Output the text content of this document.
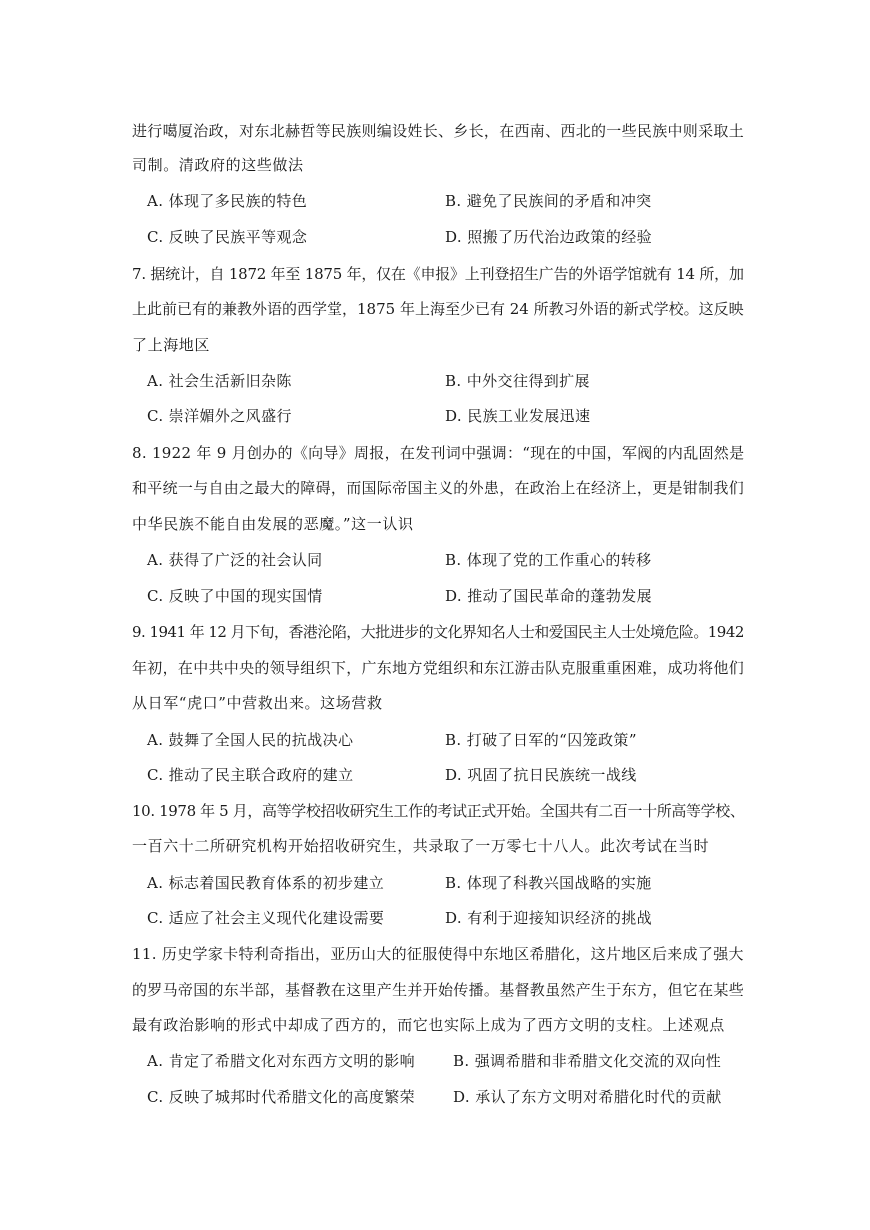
进行噶厦治政，对东北赫哲等民族则编设姓长、乡长，在西南、西北的一些民族中则采取土
司制。清政府的这些做法
A. 体现了多民族的特色	B. 避免了民族间的矛盾和冲突
C. 反映了民族平等观念	D. 照搬了历代治边政策的经验
7. 据统计，自 1872 年至 1875 年，仅在《申报》上刊登招生广告的外语学馆就有 14 所，加
上此前已有的兼教外语的西学堂，1875 年上海至少已有 24 所教习外语的新式学校。这反映
了上海地区
A. 社会生活新旧杂陈	B. 中外交往得到扩展
C. 崇洋媚外之风盛行	D. 民族工业发展迅速
8. 1922 年 9 月创办的《向导》周报，在发刊词中强调：“现在的中国，军阀的内乱固然是
和平统一与自由之最大的障碍，而国际帝国主义的外患，在政治上在经济上，更是钳制我们
中华民族不能自由发展的恶魔。”这一认识
A. 获得了广泛的社会认同	B. 体现了党的工作重心的转移
C. 反映了中国的现实国情	D. 推动了国民革命的蓬勃发展
9. 1941 年 12 月下旬，香港沦陷，大批进步的文化界知名人士和爱国民主人士处境危险。1942
年初，在中共中央的领导组织下，广东地方党组织和东江游击队克服重重困难，成功将他们
从日军“虎口”中营救出来。这场营救
A. 鼓舞了全国人民的抗战决心	B. 打破了日军的“囚笼政策”
C. 推动了民主联合政府的建立	D. 巩固了抗日民族统一战线
10. 1978 年 5 月，高等学校招收研究生工作的考试正式开始。全国共有二百一十所高等学校、
一百六十二所研究机构开始招收研究生，共录取了一万零七十八人。此次考试在当时
A. 标志着国民教育体系的初步建立	B. 体现了科教兴国战略的实施
C. 适应了社会主义现代化建设需要	D. 有利于迎接知识经济的挑战
11. 历史学家卡特利奇指出，亚历山大的征服使得中东地区希腊化，这片地区后来成了强大
的罗马帝国的东半部，基督教在这里产生并开始传播。基督教虽然产生于东方，但它在某些
最有政治影响的形式中却成了西方的，而它也实际上成为了西方文明的支柱。上述观点
A. 肯定了希腊文化对东西方文明的影响	B. 强调希腊和非希腊文化交流的双向性
C. 反映了城邦时代希腊文化的高度繁荣	D. 承认了东方文明对希腊化时代的贡献
